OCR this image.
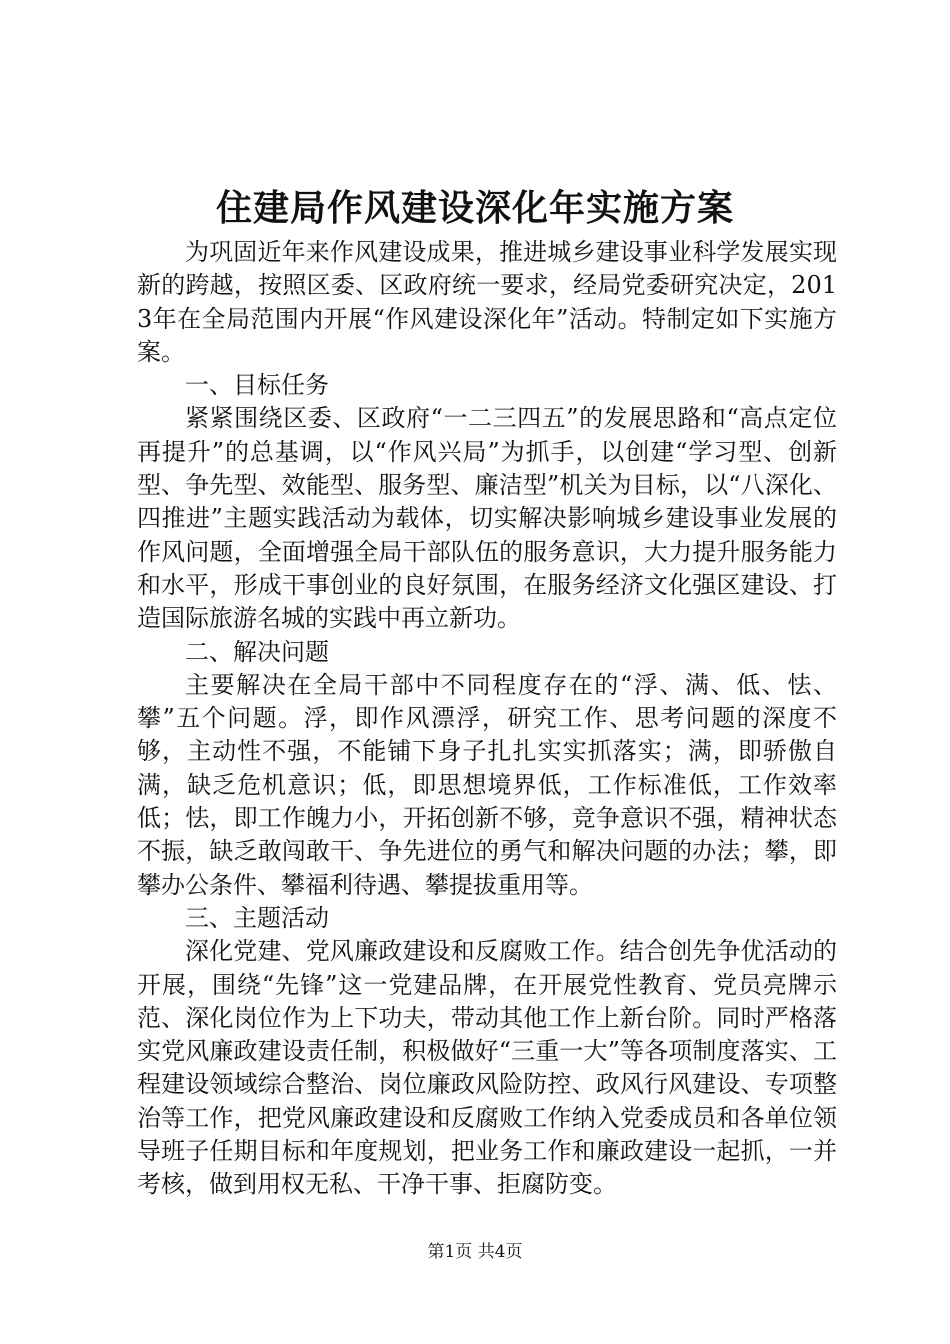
住建局作风建设深化年实施方案

为巩固近年来作风建设成果，推进城乡建设事业科学发展实现新的跨越，按照区委、区政府统一要求，经局党委研究决定，2013年在全局范围内开展“作风建设深化年”活动。特制定如下实施方案。

一、目标任务

紧紧围绕区委、区政府“一二三四五”的发展思路和“高点定位再提升”的总基调，以“作风兴局”为抓手，以创建“学习型、创新型、争先型、效能型、服务型、廉洁型”机关为目标，以“八深化、四推进”主题实践活动为载体，切实解决影响城乡建设事业发展的作风问题，全面增强全局干部队伍的服务意识，大力提升服务能力和水平，形成干事创业的良好氛围，在服务经济文化强区建设、打造国际旅游名城的实践中再立新功。

二、解决问题

主要解决在全局干部中不同程度存在的“浮、满、低、怯、攀”五个问题。浮，即作风漂浮，研究工作、思考问题的深度不够，主动性不强，不能铺下身子扎扎实实抓落实；满，即骄傲自满，缺乏危机意识；低，即思想境界低，工作标准低，工作效率低；怯，即工作魄力小，开拓创新不够，竞争意识不强，精神状态不振，缺乏敢闯敢干、争先进位的勇气和解决问题的办法；攀，即攀办公条件、攀福利待遇、攀提拔重用等。

三、主题活动

深化党建、党风廉政建设和反腐败工作。结合创先争优活动的开展，围绕“先锋”这一党建品牌，在开展党性教育、党员亮牌示范、深化岗位作为上下功夫，带动其他工作上新台阶。同时严格落实党风廉政建设责任制，积极做好“三重一大”等各项制度落实、工程建设领域综合整治、岗位廉政风险防控、政风行风建设、专项整治等工作，把党风廉政建设和反腐败工作纳入党委成员和各单位领导班子任期目标和年度规划，把业务工作和廉政建设一起抓，一并考核，做到用权无私、干净干事、拒腐防变。

第1页 共4页
